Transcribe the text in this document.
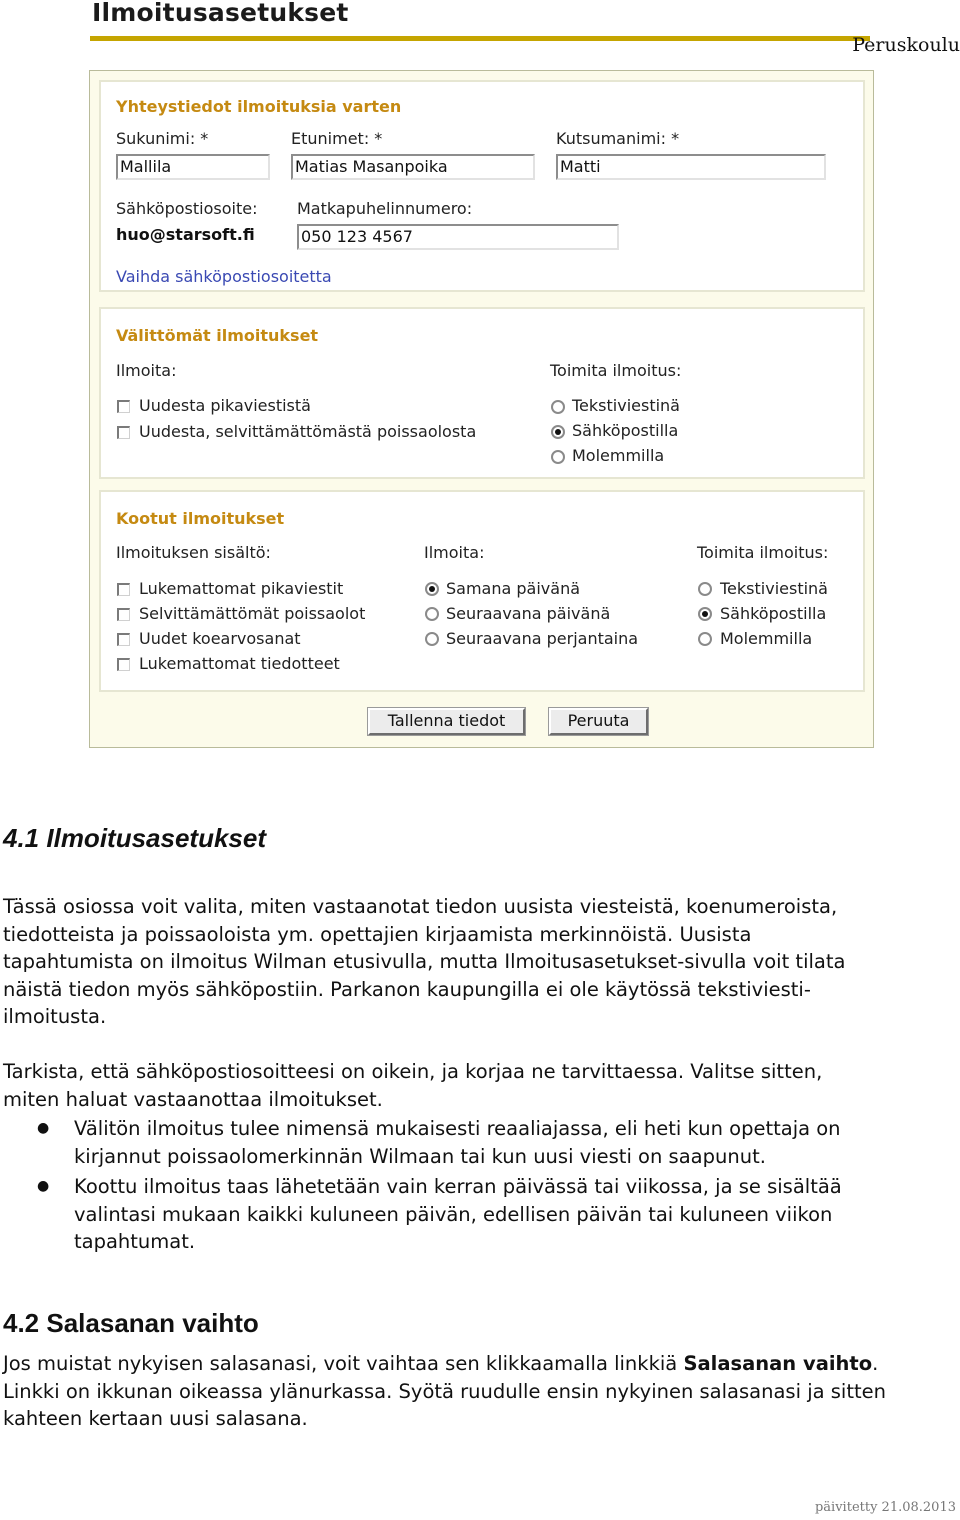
Ilmoitusasetukset
Peruskoulu
Yhteystiedot ilmoituksia varten
Sukunimi: *
Mallila
Etunimet: *
Matias Masanpoika
Kutsumanimi: *
Matti
Sähköpostiosoite:
huo@starsoft.fi
Matkapuhelinnumero:
050 123 4567
Vaihda sähköpostiosoitetta
Välittömät ilmoitukset
Ilmoita:
Uudesta pikaviestistä
Uudesta, selvittämättömästä poissaolosta
Toimita ilmoitus:
Tekstiviestinä
Sähköpostilla
Molemmilla
Kootut ilmoitukset
Ilmoituksen sisältö:
Lukemattomat pikaviestit
Selvittämättömät poissaolot
Uudet koearvosanat
Lukemattomat tiedotteet
Ilmoita:
Samana päivänä
Seuraavana päivänä
Seuraavana perjantaina
Toimita ilmoitus:
Tekstiviestinä
Sähköpostilla
Molemmilla
Tallenna tiedot	Peruuta
4.1 Ilmoitusasetukset
Tässä osiossa voit valita, miten vastaanotat tiedon uusista viesteistä, koenumeroista,
tiedotteista ja poissaoloista ym. opettajien kirjaamista merkinnöistä. Uusista
tapahtumista on ilmoitus Wilman etusivulla, mutta Ilmoitusasetukset-sivulla voit tilata
näistä tiedon myös sähköpostiin. Parkanon kaupungilla ei ole käytössä tekstiviesti-
ilmoitusta.
Tarkista, että sähköpostiosoitteesi on oikein, ja korjaa ne tarvittaessa. Valitse sitten,
miten haluat vastaanottaa ilmoitukset.
● Välitön ilmoitus tulee nimensä mukaisesti reaaliajassa, eli heti kun opettaja on
kirjannut poissaolomerkinnän Wilmaan tai kun uusi viesti on saapunut.
● Koottu ilmoitus taas lähetetään vain kerran päivässä tai viikossa, ja se sisältää
valintasi mukaan kaikki kuluneen päivän, edellisen päivän tai kuluneen viikon
tapahtumat.
4.2 Salasanan vaihto
Jos muistat nykyisen salasanasi, voit vaihtaa sen klikkaamalla linkkiä Salasanan vaihto.
Linkki on ikkunan oikeassa ylänurkassa. Syötä ruudulle ensin nykyinen salasanasi ja sitten
kahteen kertaan uusi salasana.
päivitetty 21.08.2013
